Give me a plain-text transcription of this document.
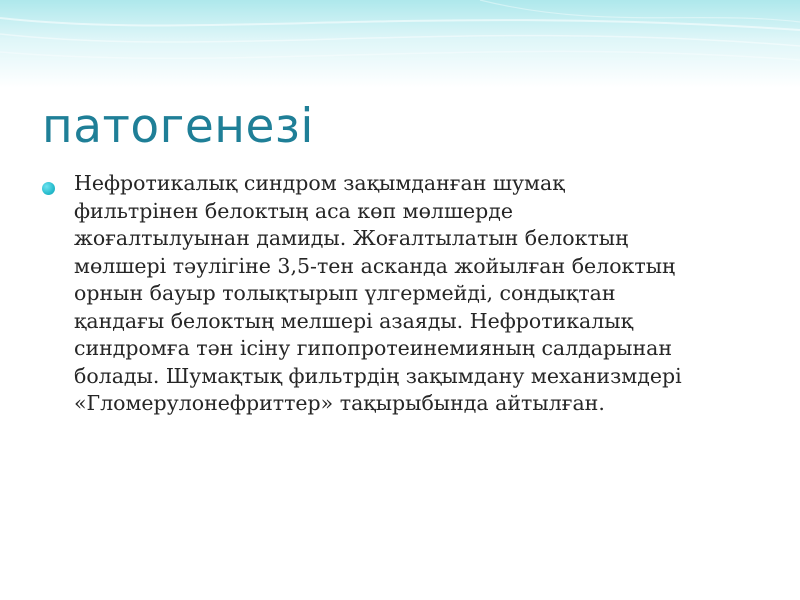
патогенезі
Нефротикалық синдром зақымданған шумақ фильтрінен белоктың аса көп мөлшерде жоғалтылуынан дамиды. Жоғалтылатын белоктың мөлшері тәулігіне 3,5-тен асканда жойылған белоктың орнын бауыр толықтырып үлгермейді, сондықтан қандағы белоктың мелшері азаяды. Нефротикалық синдромға тән ісіну гипопротеинемияның салдарынан болады. Шумақтық фильтрдің зақымдану механизмдері «Гломерулонефриттер» тақырыбында айтылған.
